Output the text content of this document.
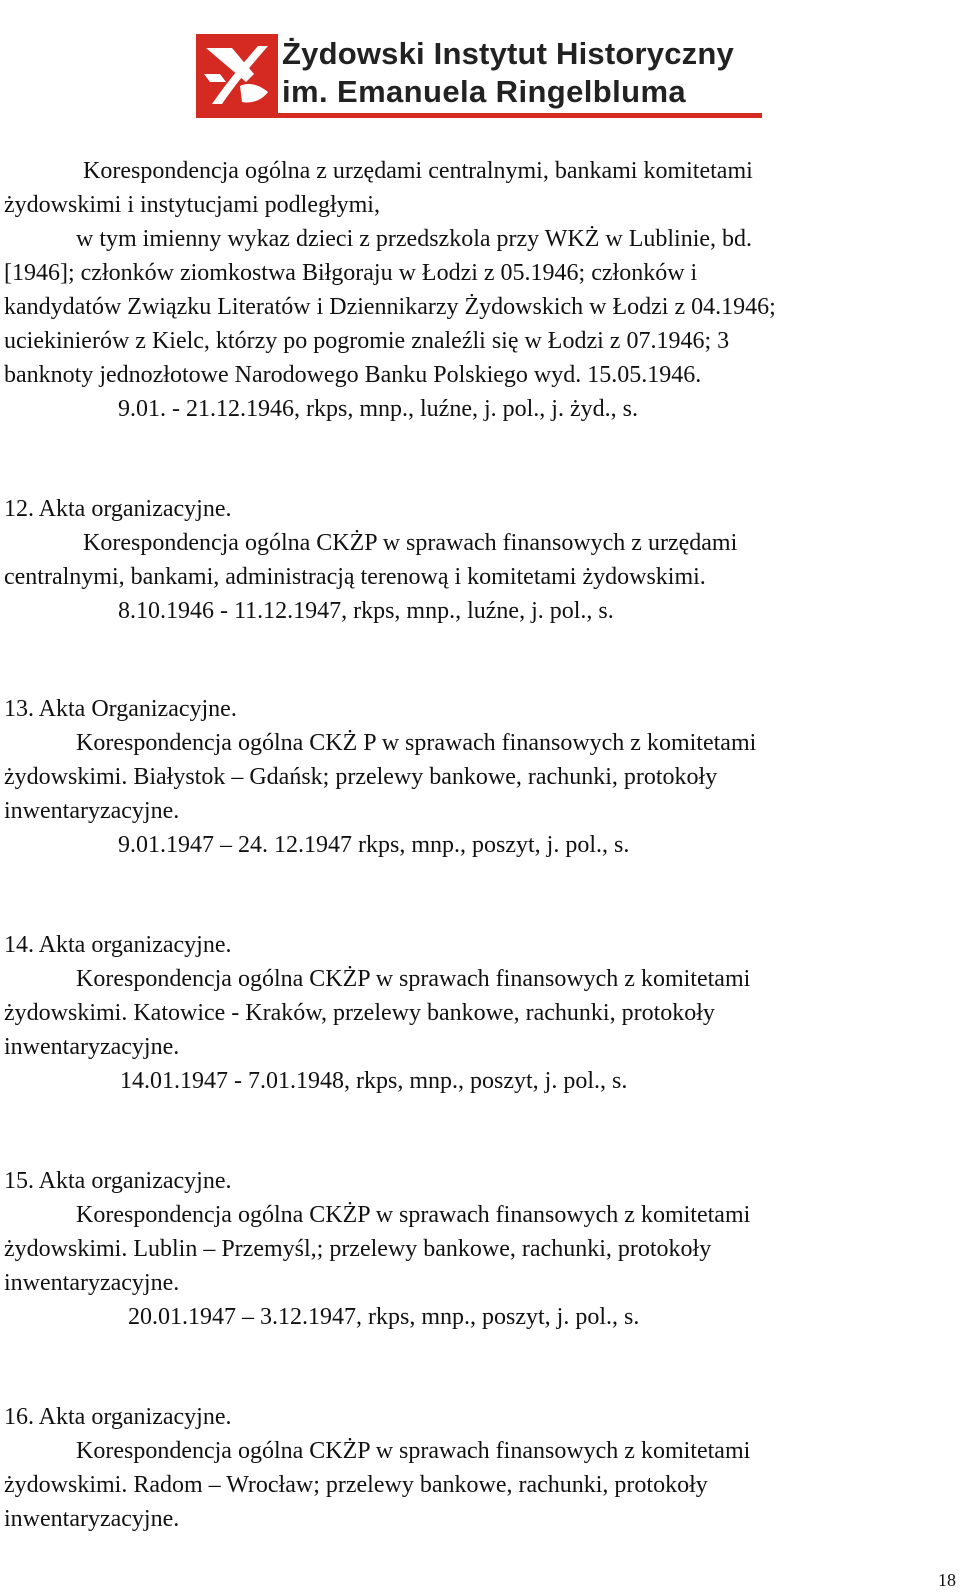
Żydowski Instytut Historyczny
im. Emanuela Ringelbluma
Korespondencja ogólna z urzędami centralnymi, bankami komitetami
żydowskimi i instytucjami podległymi,
w tym imienny wykaz dzieci z przedszkola przy WKŻ w Lublinie, bd.
[1946]; członków ziomkostwa Biłgoraju w Łodzi z 05.1946; członków i
kandydatów Związku Literatów i Dziennikarzy Żydowskich w Łodzi z 04.1946;
uciekinierów z Kielc, którzy po pogromie znaleźli się w Łodzi z 07.1946; 3
banknoty jednozłotowe Narodowego Banku Polskiego wyd. 15.05.1946.
9.01. - 21.12.1946, rkps, mnp., luźne, j. pol., j. żyd., s.
12. Akta organizacyjne.
Korespondencja ogólna CKŻP w sprawach finansowych z urzędami
centralnymi, bankami, administracją terenową i komitetami żydowskimi.
8.10.1946 - 11.12.1947, rkps, mnp., luźne, j. pol., s.
13. Akta Organizacyjne.
Korespondencja ogólna CKŻ P w sprawach finansowych z komitetami
żydowskimi. Białystok – Gdańsk; przelewy bankowe, rachunki, protokoły
inwentaryzacyjne.
9.01.1947 – 24. 12.1947 rkps, mnp., poszyt, j. pol., s.
14. Akta organizacyjne.
Korespondencja ogólna CKŻP w sprawach finansowych z komitetami
żydowskimi. Katowice - Kraków, przelewy bankowe, rachunki, protokoły
inwentaryzacyjne.
14.01.1947 - 7.01.1948, rkps, mnp., poszyt, j. pol., s.
15. Akta organizacyjne.
Korespondencja ogólna CKŻP w sprawach finansowych z komitetami
żydowskimi. Lublin – Przemyśl,; przelewy bankowe, rachunki, protokoły
inwentaryzacyjne.
20.01.1947 – 3.12.1947, rkps, mnp., poszyt, j. pol., s.
16. Akta organizacyjne.
Korespondencja ogólna CKŻP w sprawach finansowych z komitetami
żydowskimi. Radom – Wrocław; przelewy bankowe, rachunki, protokoły
inwentaryzacyjne.
18
